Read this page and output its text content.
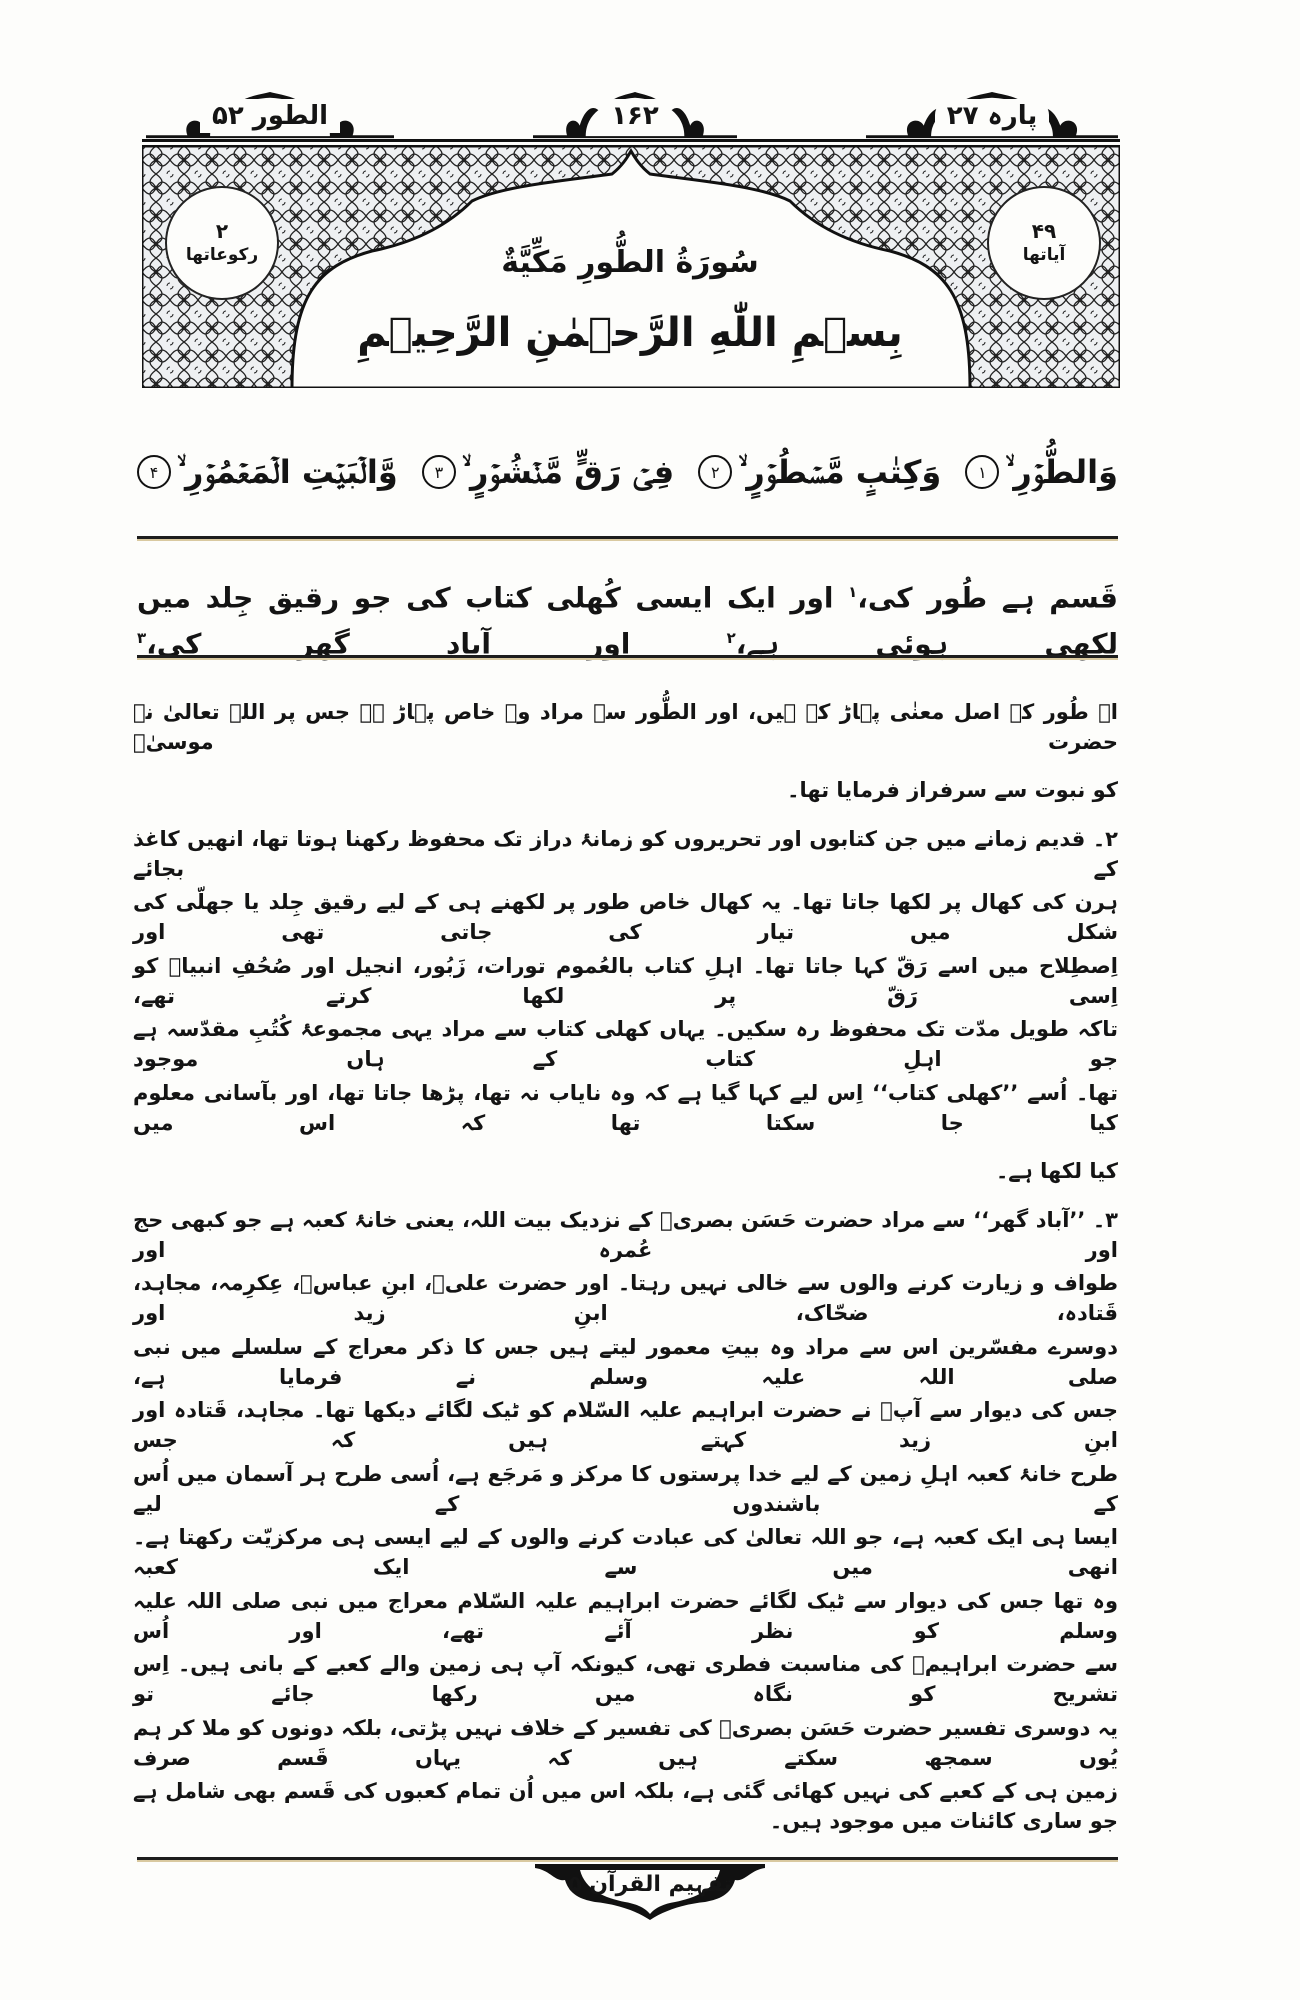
الطور ۵۲	۱۶۲	پارہ ۲۷
۲
رکوعاتها
۴۹
آیاتها
سُورَةُ الطُّورِ مَكِّيَّةٌ
بِسۡمِ اللّٰهِ الرَّحۡمٰنِ الرَّحِيۡمِ
وَالطُّوۡرِ ۙ
۱
وَكِتٰبٍ مَّسۡطُوۡرٍ ۙ
۲
فِىۡ رَقٍّ مَّنۡشُوۡرٍ ۙ
۳
وَّالۡبَيۡتِ الۡمَعۡمُوۡرِ ۙ
۴
قَسم ہے طُور کی،$^۱$ اور ایک ایسی کُھلی کتاب کی جو رقیق جِلد میں لکھی ہوئی ہے،$^۲$ اور آباد گھر کی،$^۳$
ا۔ طُور کے اصل معنٰی پہاڑ کے ہیں، اور الطُّور سے مراد وہ خاص پہاڑ ہے جس پر اللہ تعالیٰ نے حضرت موسیٰؑ
کو نبوت سے سرفراز فرمایا تھا۔
۲۔ قدیم زمانے میں جن کتابوں اور تحریروں کو زمانۂ دراز تک محفوظ رکھنا ہوتا تھا، انھیں کاغذ کے بجائے
ہرن کی کھال پر لکھا جاتا تھا۔ یہ کھال خاص طور پر لکھنے ہی کے لیے رقیق جِلد یا جھلّی کی شکل میں تیار کی جاتی تھی اور
اِصطِلاح میں اسے رَقّ کہا جاتا تھا۔ اہلِ کتاب بالعُموم تورات، زَبُور، انجیل اور صُحُفِ انبیاؑ کو اِسی رَقّ پر لکھا کرتے تھے،
تاکہ طویل مدّت تک محفوظ رہ سکیں۔ یہاں کھلی کتاب سے مراد یہی مجموعۂ کُتُبِ مقدّسہ ہے جو اہلِ کتاب کے ہاں موجود
تھا۔ اُسے ’’کھلی کتاب‘‘ اِس لیے کہا گیا ہے کہ وہ نایاب نہ تھا، پڑھا جاتا تھا، اور بآسانی معلوم کیا جا سکتا تھا کہ اس میں
کیا لکھا ہے۔
۳۔ ’’آباد گھر‘‘ سے مراد حضرت حَسَن بصریؒ کے نزدیک بیت اللہ، یعنی خانۂ کعبہ ہے جو کبھی حج اور عُمرہ اور
طواف و زیارت کرنے والوں سے خالی نہیں رہتا۔ اور حضرت علیؓ، ابنِ عباسؓ، عِکرِمہ، مجاہد، قَتادہ، ضحّاک، ابنِ زید اور
دوسرے مفسّرین اس سے مراد وہ بیتِ معمور لیتے ہیں جس کا ذکر معراج کے سلسلے میں نبی صلی اللہ علیہ وسلم نے فرمایا ہے،
جس کی دیوار سے آپؐ نے حضرت ابراہیم علیہ السّلام کو ٹیک لگائے دیکھا تھا۔ مجاہد، قَتادہ اور ابنِ زید کہتے ہیں کہ جس
طرح خانۂ کعبہ اہلِ زمین کے لیے خدا پرستوں کا مرکز و مَرجَع ہے، اُسی طرح ہر آسمان میں اُس کے باشندوں کے لیے
ایسا ہی ایک کعبہ ہے، جو اللہ تعالیٰ کی عبادت کرنے والوں کے لیے ایسی ہی مرکزیّت رکھتا ہے۔ انھی میں سے ایک کعبہ
وہ تھا جس کی دیوار سے ٹیک لگائے حضرت ابراہیم علیہ السّلام معراج میں نبی صلی اللہ علیہ وسلم کو نظر آئے تھے، اور اُس
سے حضرت ابراہیمؑ کی مناسبت فطری تھی، کیونکہ آپ ہی زمین والے کعبے کے بانی ہیں۔ اِس تشریح کو نگاہ میں رکھا جائے تو
یہ دوسری تفسیر حضرت حَسَن بصریؒ کی تفسیر کے خلاف نہیں پڑتی، بلکہ دونوں کو ملا کر ہم یُوں سمجھ سکتے ہیں کہ یہاں قَسم صرف
زمین ہی کے کعبے کی نہیں کھائی گئی ہے، بلکہ اس میں اُن تمام کعبوں کی قَسم بھی شامل ہے جو ساری کائنات میں موجود ہیں۔
تفہیم القرآن ۵
